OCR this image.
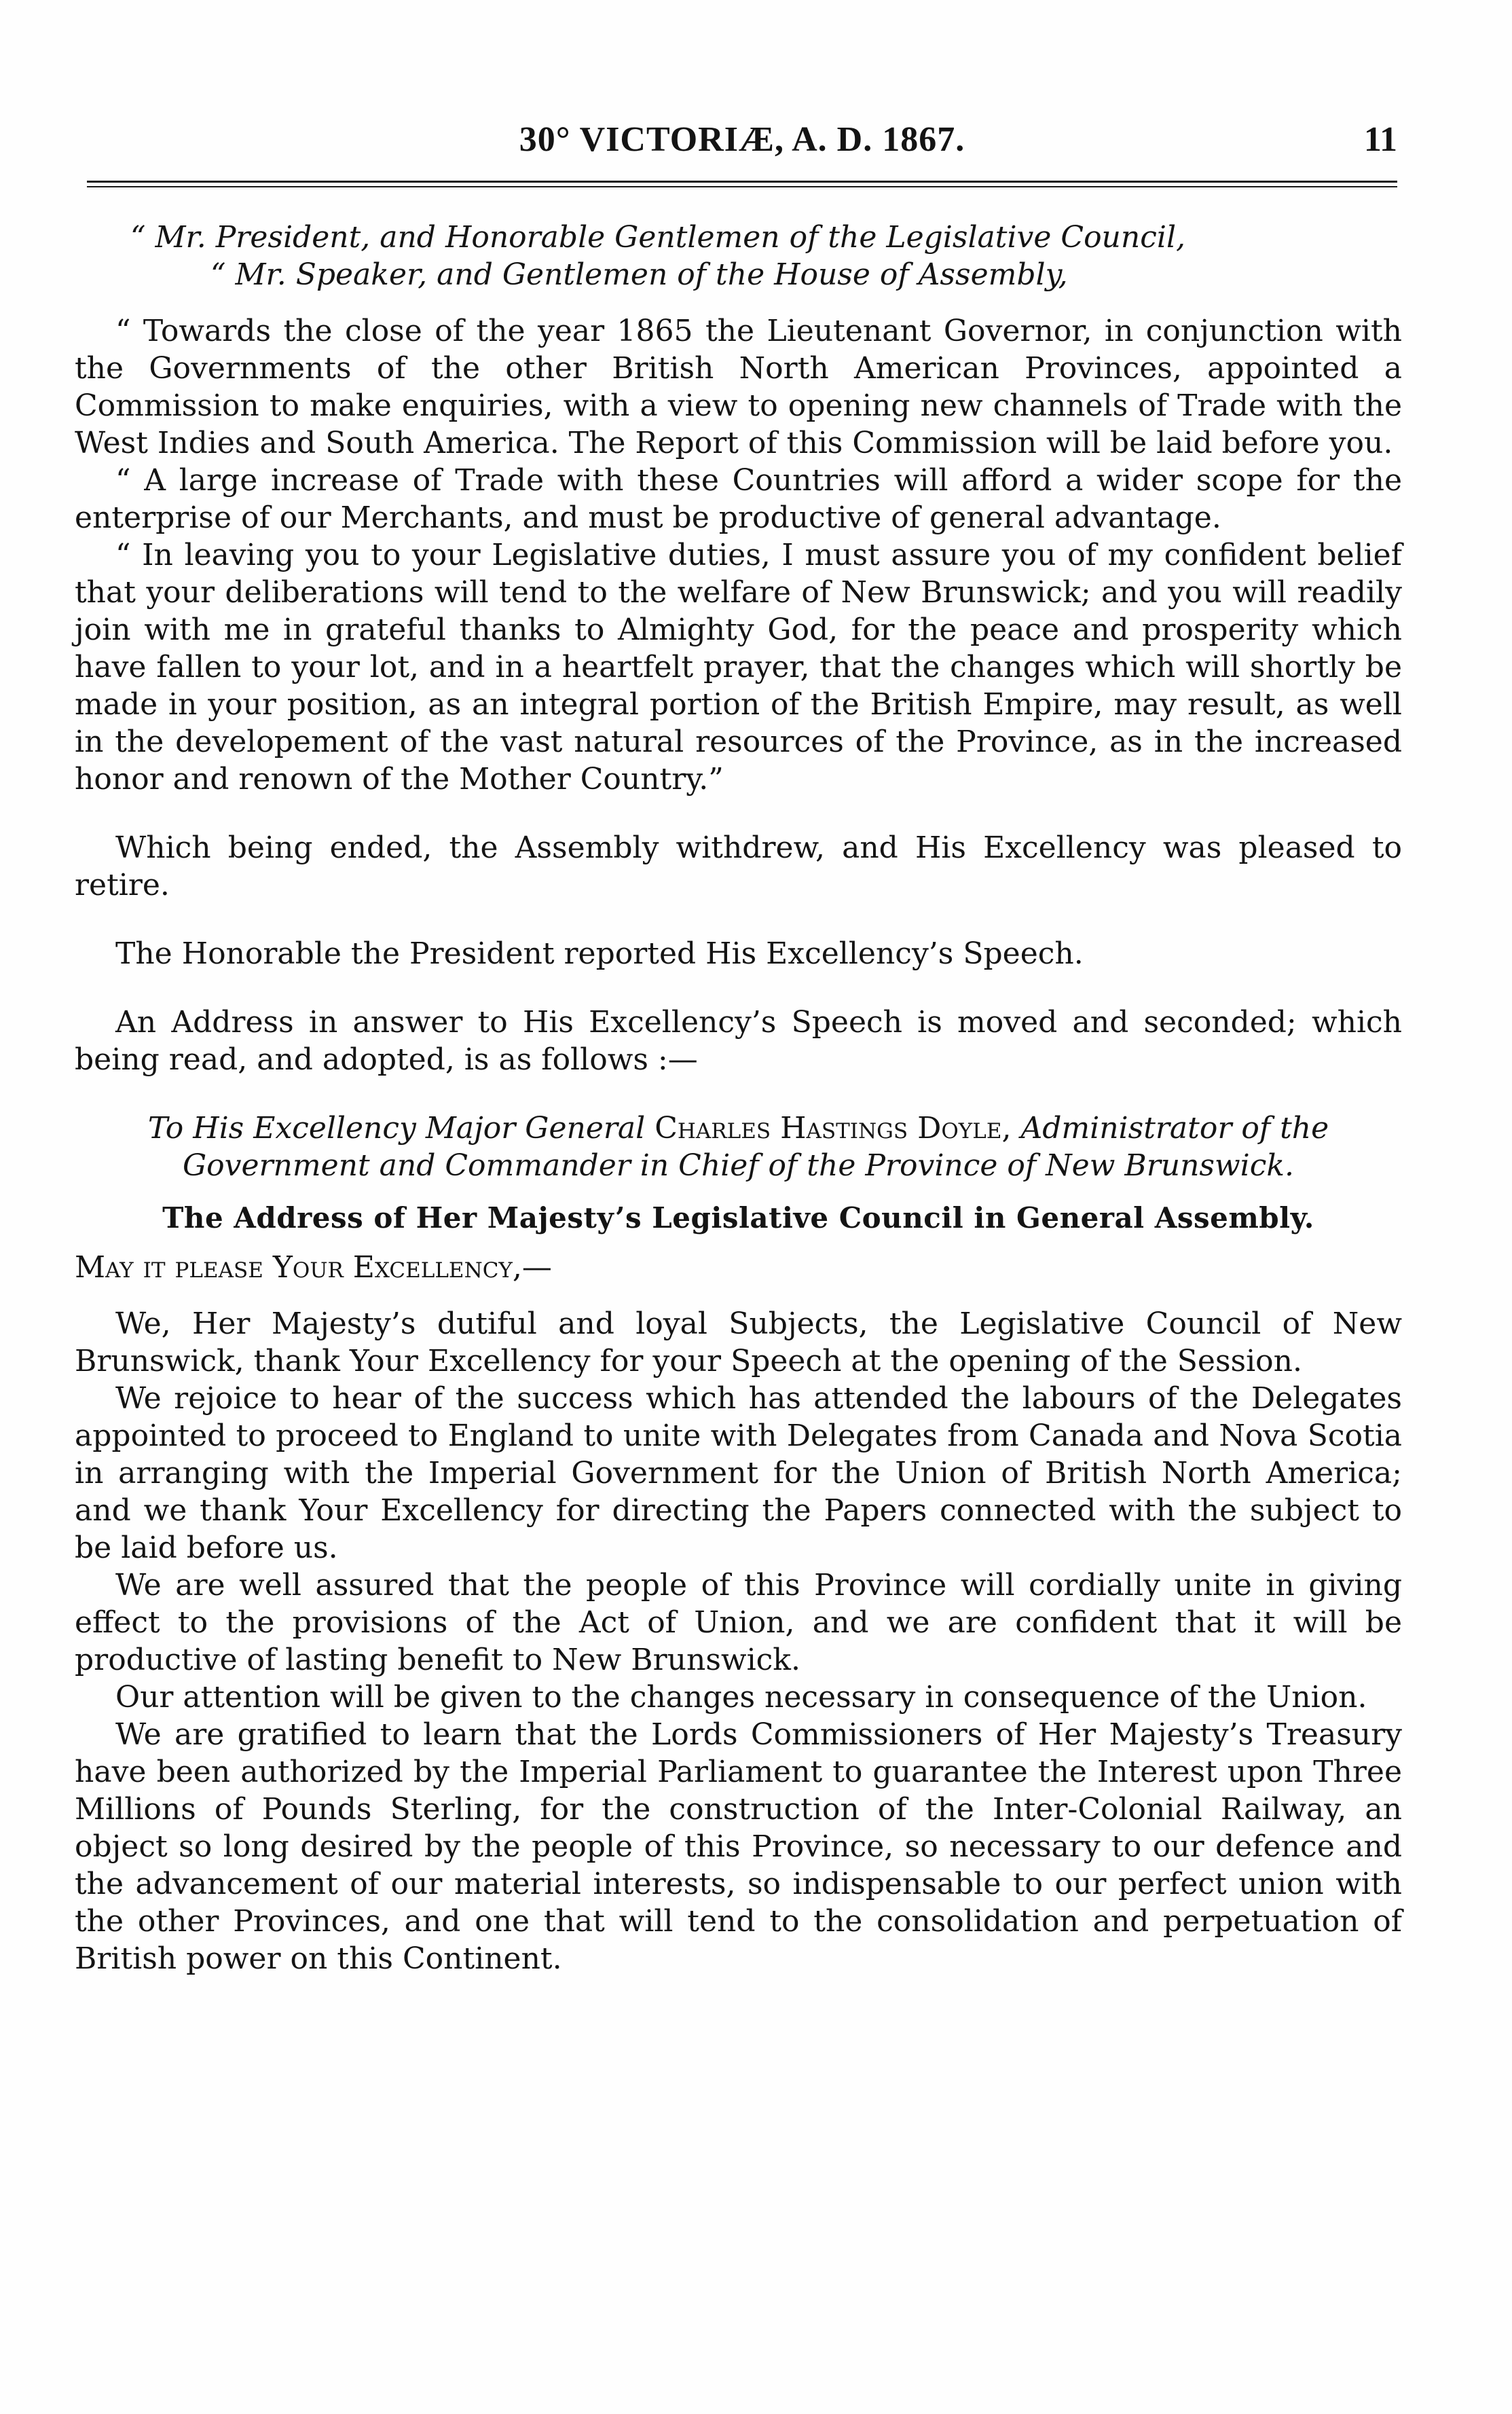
30° VICTORIÆ, A. D. 1867.	11

“ Mr. President, and Honorable Gentlemen of the Legislative Council,

“ Mr. Speaker, and Gentlemen of the House of Assembly,

“ Towards the close of the year 1865 the Lieutenant Governor, in conjunction with the Governments of the other British North American Provinces, appointed a Commission to make enquiries, with a view to opening new channels of Trade with the West Indies and South America. The Report of this Commission will be laid before you.

“ A large increase of Trade with these Countries will afford a wider scope for the enterprise of our Merchants, and must be productive of general advantage.

“ In leaving you to your Legislative duties, I must assure you of my confident belief that your deliberations will tend to the welfare of New Brunswick; and you will readily join with me in grateful thanks to Almighty God, for the peace and prosperity which have fallen to your lot, and in a heartfelt prayer, that the changes which will shortly be made in your position, as an integral portion of the British Empire, may result, as well in the developement of the vast natural resources of the Province, as in the increased honor and renown of the Mother Country.”

Which being ended, the Assembly withdrew, and His Excellency was pleased to retire.

The Honorable the President reported His Excellency’s Speech.

An Address in answer to His Excellency’s Speech is moved and seconded; which being read, and adopted, is as follows :—

To His Excellency Major General Charles Hastings Doyle, Administrator of the Government and Commander in Chief of the Province of New Brunswick.

The Address of Her Majesty’s Legislative Council in General Assembly.

May it please Your Excellency,—

We, Her Majesty’s dutiful and loyal Subjects, the Legislative Council of New Brunswick, thank Your Excellency for your Speech at the opening of the Session.

We rejoice to hear of the success which has attended the labours of the Delegates appointed to proceed to England to unite with Delegates from Canada and Nova Scotia in arranging with the Imperial Government for the Union of British North America; and we thank Your Excellency for directing the Papers connected with the subject to be laid before us.

We are well assured that the people of this Province will cordially unite in giving effect to the provisions of the Act of Union, and we are confident that it will be productive of lasting benefit to New Brunswick.

Our attention will be given to the changes necessary in consequence of the Union.

We are gratified to learn that the Lords Commissioners of Her Majesty’s Treasury have been authorized by the Imperial Parliament to guarantee the Interest upon Three Millions of Pounds Sterling, for the construction of the Inter-Colonial Railway, an object so long desired by the people of this Province, so necessary to our defence and the advancement of our material interests, so indispensable to our perfect union with the other Provinces, and one that will tend to the consolidation and perpetuation of British power on this Continent.
